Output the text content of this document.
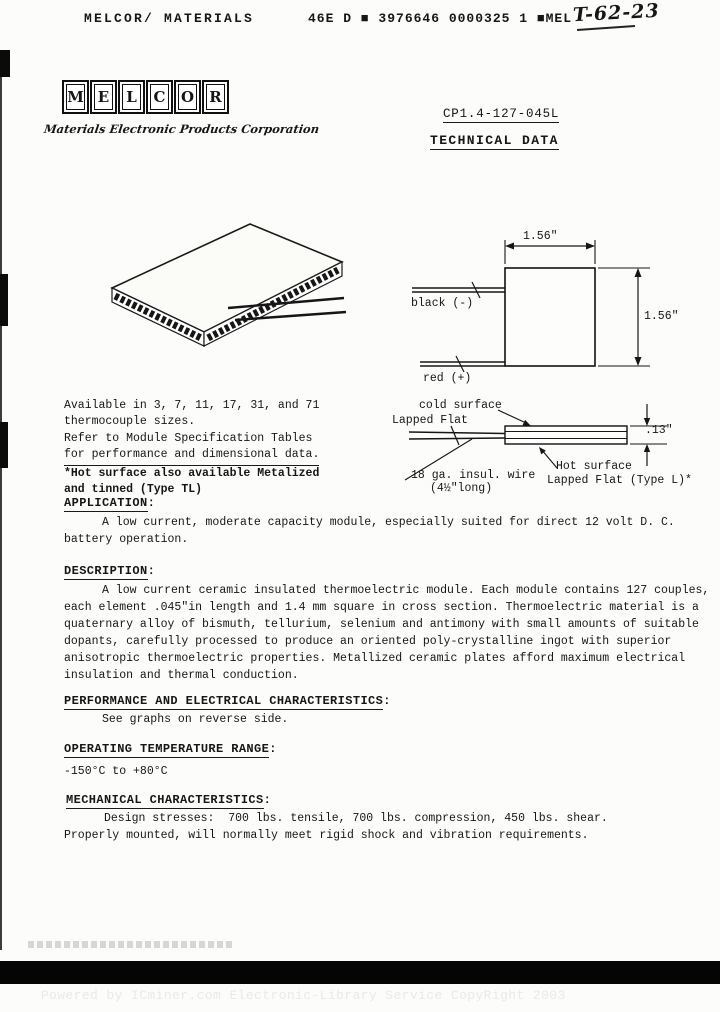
MELCOR/ MATERIALS	46E D ■ 3976646 0000325 1 ■MEL T-62-23
M E L C O R
Materials Electronic Products Corporation
CP1.4-127-045L
TECHNICAL DATA
1.56"
black (-)
1.56"
red (+)
cold surface
Lapped Flat
.13"
18 ga. insul. wire
(4½"long)
Hot surface
Lapped Flat (Type L)*
Available in 3, 7, 11, 17, 31, and 71
thermocouple sizes.
Refer to Module Specification Tables
for performance and dimensional data.
*Hot surface also available Metalized
and tinned (Type TL)
APPLICATION:
A low current, moderate capacity module, especially suited for direct 12 volt D. C.
battery operation.
DESCRIPTION:
A low current ceramic insulated thermoelectric module. Each module contains 127 couples, each element .045"in length and 1.4 mm square in cross section. Thermoelectric material is a quaternary alloy of bismuth, tellurium, selenium and antimony with small amounts of suitable dopants, carefully processed to produce an oriented poly-crystalline ingot with superior anisotropic thermoelectric properties. Metallized ceramic plates afford maximum electrical insulation and thermal conduction.
PERFORMANCE AND ELECTRICAL CHARACTERISTICS:
See graphs on reverse side.
OPERATING TEMPERATURE RANGE:
-150°C to +80°C
MECHANICAL CHARACTERISTICS:
Design stresses:  700 lbs. tensile, 700 lbs. compression, 450 lbs. shear.
Properly mounted, will normally meet rigid shock and vibration requirements.

Powered by ICminer.com Electronic-Library Service CopyRight 2003
